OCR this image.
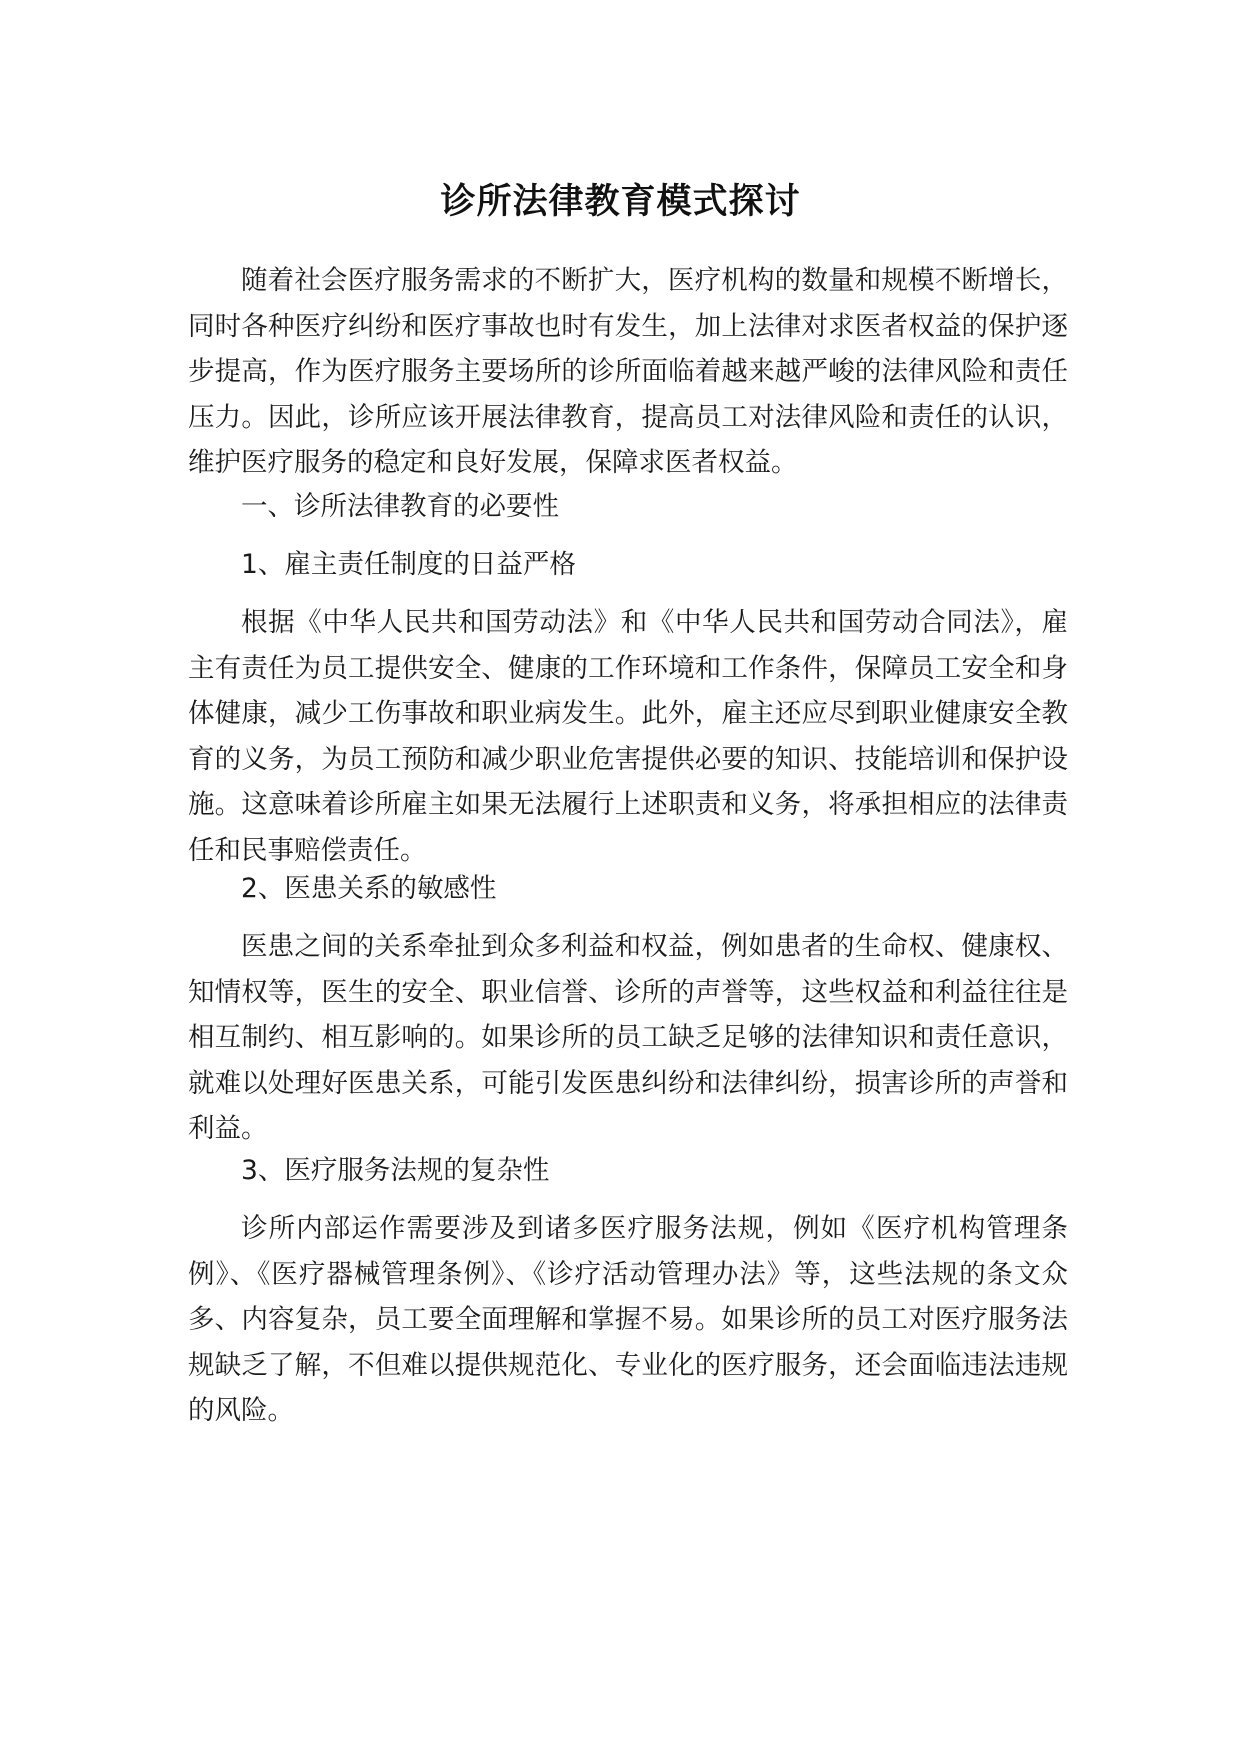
诊所法律教育模式探讨

随着社会医疗服务需求的不断扩大，医疗机构的数量和规模不断增长，同时各种医疗纠纷和医疗事故也时有发生，加上法律对求医者权益的保护逐步提高，作为医疗服务主要场所的诊所面临着越来越严峻的法律风险和责任压力。因此，诊所应该开展法律教育，提高员工对法律风险和责任的认识，维护医疗服务的稳定和良好发展，保障求医者权益。

一、诊所法律教育的必要性

1、雇主责任制度的日益严格

根据《中华人民共和国劳动法》和《中华人民共和国劳动合同法》，雇主有责任为员工提供安全、健康的工作环境和工作条件，保障员工安全和身体健康，减少工伤事故和职业病发生。此外，雇主还应尽到职业健康安全教育的义务，为员工预防和减少职业危害提供必要的知识、技能培训和保护设施。这意味着诊所雇主如果无法履行上述职责和义务，将承担相应的法律责任和民事赔偿责任。

2、医患关系的敏感性

医患之间的关系牵扯到众多利益和权益，例如患者的生命权、健康权、知情权等，医生的安全、职业信誉、诊所的声誉等，这些权益和利益往往是相互制约、相互影响的。如果诊所的员工缺乏足够的法律知识和责任意识，就难以处理好医患关系，可能引发医患纠纷和法律纠纷，损害诊所的声誉和利益。

3、医疗服务法规的复杂性

诊所内部运作需要涉及到诸多医疗服务法规，例如《医疗机构管理条例》、《医疗器械管理条例》、《诊疗活动管理办法》等，这些法规的条文众多、内容复杂，员工要全面理解和掌握不易。如果诊所的员工对医疗服务法规缺乏了解，不但难以提供规范化、专业化的医疗服务，还会面临违法违规的风险。
